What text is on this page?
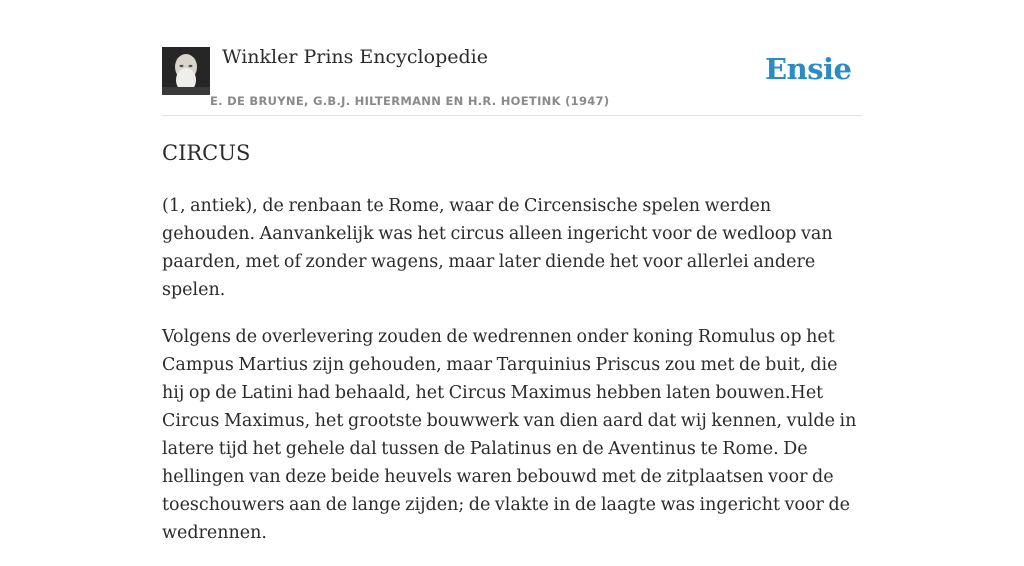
Winkler Prins Encyclopedie
E. DE BRUYNE, G.B.J. HILTERMANN EN H.R. HOETINK (1947)
Ensie
CIRCUS

(1, antiek), de renbaan te Rome, waar de Circensische spelen werden gehouden. Aanvankelijk was het circus alleen ingericht voor de wedloop van paarden, met of zonder wagens, maar later diende het voor allerlei andere spelen.

Volgens de overlevering zouden de wedrennen onder koning Romulus op het Campus Martius zijn gehouden, maar Tarquinius Priscus zou met de buit, die hij op de Latini had behaald, het Circus Maximus hebben laten bouwen.Het Circus Maximus, het grootste bouwwerk van dien aard dat wij kennen, vulde in latere tijd het gehele dal tussen de Palatinus en de Aventinus te Rome. De hellingen van deze beide heuvels waren bebouwd met de zitplaatsen voor de toeschouwers aan de lange zijden; de vlakte in de laagte was ingericht voor de wedrennen.
